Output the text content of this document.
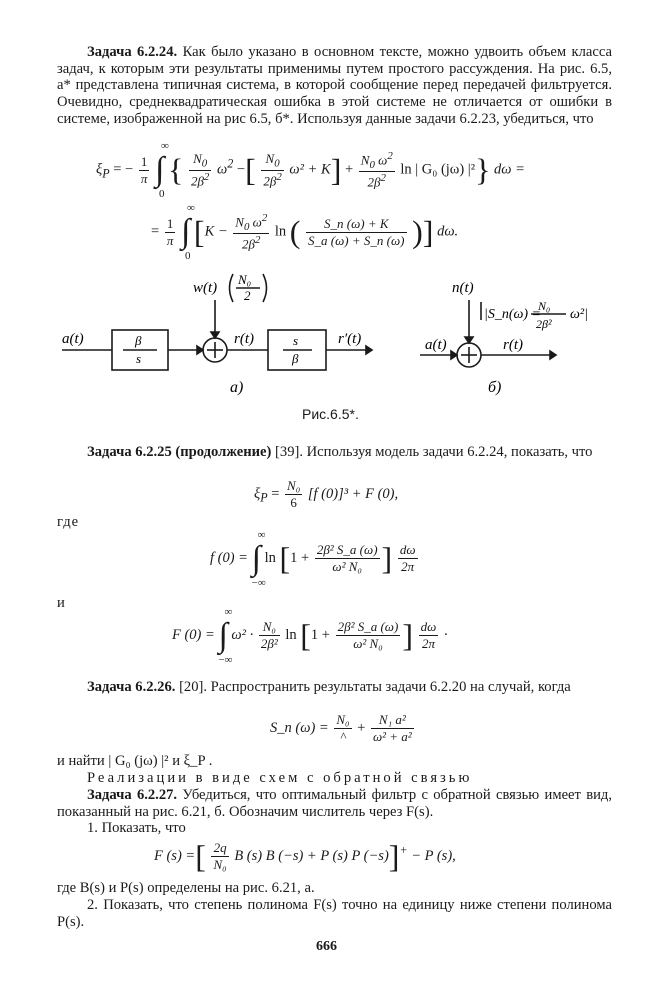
Задача 6.2.24. Как было указано в основном тексте, можно удвоить объем класса задач, к которым эти результаты применимы путем простого рассуждения. На рис. 6.5, а* представлена типичная система, в которой сообщение перед передачей фильтруется. Очевидно, среднеквадратическая ошибка в этой системе не отличается от ошибки в системе, изображенной на рис 6.5, б*. Используя данные задачи 6.2.23, убедиться, что

$\xi_P$ = − $\frac{1}{\pi}$ ∫
∞
0
{ $\frac{N_0}{2\beta^2} \omega^2$ −[ $\frac{N_0}{2\beta^2} \omega^2 + K] + \frac{N_0 \omega^2}{2\beta^2}$ ln | G₀ (jω) |²} dω =
= $\frac{1}{\pi}$ ∫
∞
0
[$K - \frac{N_0 \omega^2}{2\beta^2}$ ln ( $\frac{S\_n (\omega) + K}{S\_a (\omega) + S\_n (\omega)}$ )] dω.
a(t)
w(t)
N₀
2
β
s
r(t)	s
β
r′(t)
а)
n(t)
|S_n(ω) =
N₀
2β²
ω²|
a(t)	r(t)
б)
Рис.6.5*.

Задача 6.2.25 (продолжение) [39]. Используя модель задачи 6.2.24, показать, что

$\xi_P = \frac{\text{N₀}}{6} [f$ (0)]³ + F (0),
где
f (0) = ∫
∞
−∞
$\ln [1 + \frac{\text{2β² S\_a (ω)}}{\text{ω² N₀}}$ ] $\frac{d\omega}{2\pi}$
и
F (0) = ∫
∞
−∞
$\omega^2 \cdot \frac{\text{N₀}}{\text{2β²}}$ $\ln [1 + \frac{\text{2β² S\_a (ω)}}{\text{ω² N₀}}$ ] $\frac{d\omega}{2\pi}$ ·

Задача 6.2.26. [20]. Распространить результаты задачи 6.2.20 на случай, когда

S_n $(\omega) = \frac{\text{N₀}}{\^{}} + \frac{\text{N₁ a²}}{\text{ω² + a²}}$

и найти | G₀ (jω) |² и ξ_P .

Реализации в виде схем с обратной связью

Задача 6.2.27. Убедиться, что оптимальный фильтр с обратной связью имеет вид, показанный на рис. 6.21, б. Обозначим числитель через F(s).

1. Показать, что

F (s) =[ $\frac{2q}{\text{N₀}}$ B (s) B (−s) + P (s) P (−s)]+ − P (s),

где B(s) и P(s) определены на рис. 6.21, а.

2. Показать, что степень полинома F(s) точно на единицу ниже степени полинома P(s).

666
